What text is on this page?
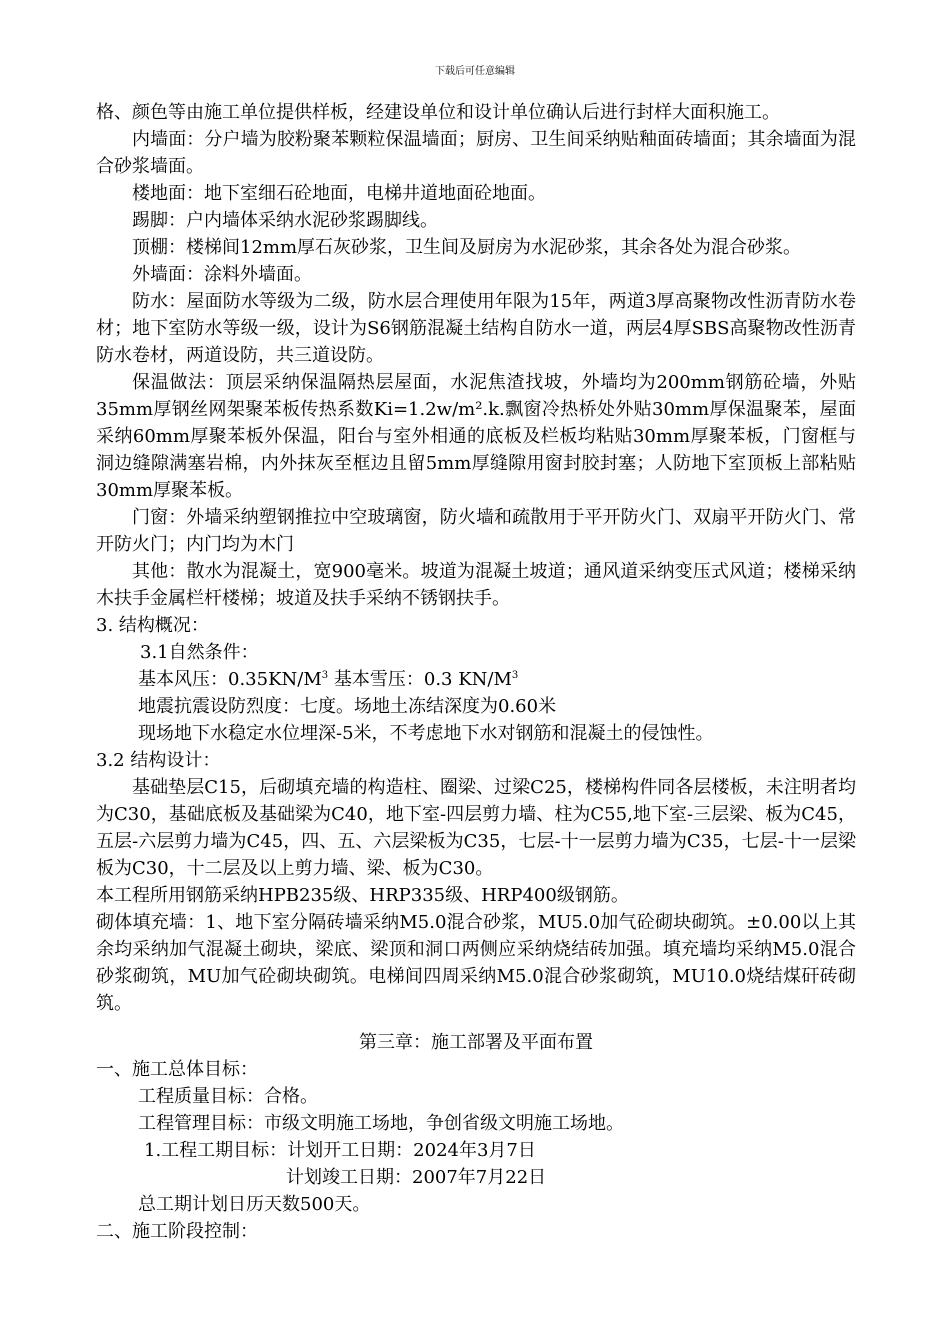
下载后可任意编辑

格、颜色等由施工单位提供样板，经建设单位和设计单位确认后进行封样大面积施工。

内墙面：分户墙为胶粉聚苯颗粒保温墙面；厨房、卫生间采纳贴釉面砖墙面；其余墙面为混合砂浆墙面。

楼地面：地下室细石砼地面，电梯井道地面砼地面。

踢脚：户内墙体采纳水泥砂浆踢脚线。

顶棚：楼梯间12mm厚石灰砂浆，卫生间及厨房为水泥砂浆，其余各处为混合砂浆。

外墙面：涂料外墙面。

防水：屋面防水等级为二级，防水层合理使用年限为15年，两道3厚高聚物改性沥青防水卷材；地下室防水等级一级，设计为S6钢筋混凝土结构自防水一道，两层4厚SBS高聚物改性沥青防水卷材，两道设防，共三道设防。

保温做法：顶层采纳保温隔热层屋面，水泥焦渣找坡，外墙均为200mm钢筋砼墙，外贴35mm厚钢丝网架聚苯板传热系数Ki=1.2w/m².k.飘窗冷热桥处外贴30mm厚保温聚苯，屋面采纳60mm厚聚苯板外保温，阳台与室外相通的底板及栏板均粘贴30mm厚聚苯板，门窗框与洞边缝隙满塞岩棉，内外抹灰至框边且留5mm厚缝隙用窗封胶封塞；人防地下室顶板上部粘贴30mm厚聚苯板。

门窗：外墙采纳塑钢推拉中空玻璃窗，防火墙和疏散用于平开防火门、双扇平开防火门、常开防火门；内门均为木门

其他：散水为混凝土，宽900毫米。坡道为混凝土坡道；通风道采纳变压式风道；楼梯采纳木扶手金属栏杆楼梯；坡道及扶手采纳不锈钢扶手。

3. 结构概况：

3.1自然条件：

基本风压：$0.35KN/M^3$ 基本雪压：0.3 $KN/M^3$

地震抗震设防烈度：七度。场地土冻结深度为0.60米

现场地下水稳定水位埋深-5米，不考虑地下水对钢筋和混凝土的侵蚀性。

3.2 结构设计：

基础垫层C15，后砌填充墙的构造柱、圈梁、过梁C25，楼梯构件同各层楼板，未注明者均为C30，基础底板及基础梁为C40，地下室-四层剪力墙、柱为C55,地下室-三层梁、板为C45，五层-六层剪力墙为C45，四、五、六层梁板为C35，七层-十一层剪力墙为C35，七层-十一层梁板为C30，十二层及以上剪力墙、梁、板为C30。

本工程所用钢筋采纳HPB235级、HRP335级、HRP400级钢筋。

砌体填充墙：1、地下室分隔砖墙采纳M5.0混合砂浆，MU5.0加气砼砌块砌筑。±0.00以上其余均采纳加气混凝土砌块，梁底、梁顶和洞口两侧应采纳烧结砖加强。填充墙均采纳M5.0混合砂浆砌筑，MU加气砼砌块砌筑。电梯间四周采纳M5.0混合砂浆砌筑，MU10.0烧结煤矸砖砌筑。

第三章：施工部署及平面布置

一、施工总体目标：

工程质量目标：合格。

工程管理目标：市级文明施工场地，争创省级文明施工场地。

1.工程工期目标：计划开工日期：2024年3月7日

计划竣工日期：2007年7月22日

总工期计划日历天数500天。

二、施工阶段控制：
